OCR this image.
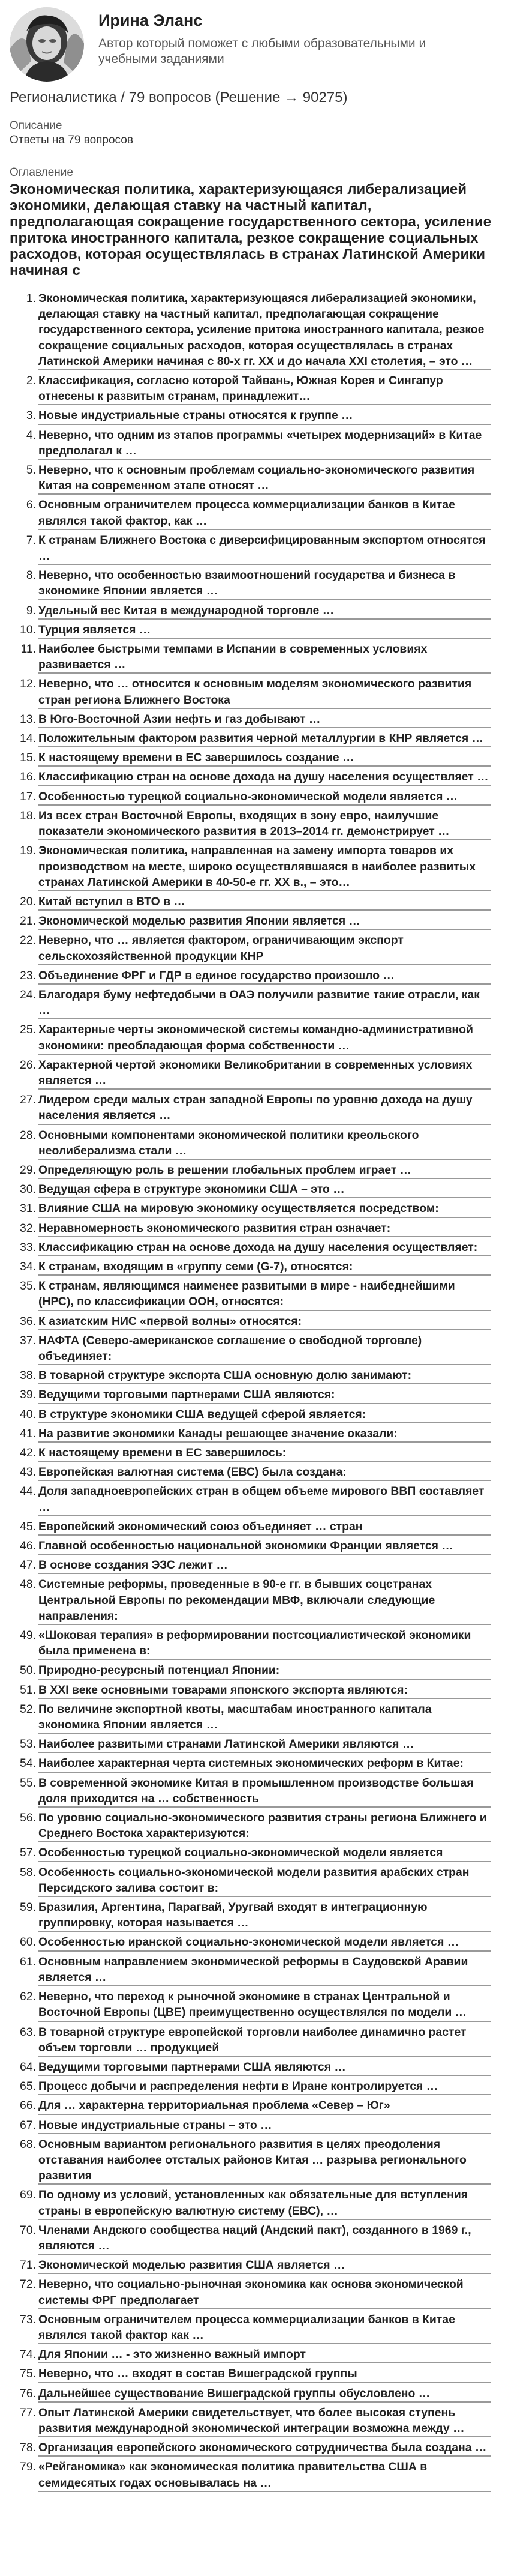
Ирина Эланс
Автор который поможет с любыми образовательными и учебными заданиями
Регионалистика / 79 вопросов (Решение → 90275)
Описание
Ответы на 79 вопросов
Оглавление
Экономическая политика, характеризующаяся либерализацией экономики, делающая ставку на частный капитал, предполагающая сокращение государственного сектора, усиление притока иностранного капитала, резкое сокращение социальных расходов, которая осуществлялась в странах Латинской Америки начиная с
1. Экономическая политика, характеризующаяся либерализацией экономики, делающая ставку на частный капитал, предполагающая сокращение государственного сектора, усиление притока иностранного капитала, резкое сокращение социальных расходов, которая осуществлялась в странах Латинской Америки начиная с 80-х гг. ХХ и до начала XXI столетия, – это …
2. Классификация, согласно которой Тайвань, Южная Корея и Сингапур отнесены к развитым странам, принадлежит…
3. Новые индустриальные страны относятся к группе …
4. Неверно, что одним из этапов программы «четырех модернизаций» в Китае предполагал к …
5. Неверно, что к основным проблемам социально-экономического развития Китая на современном этапе относят …
6. Основным ограничителем процесса коммерциализации банков в Китае являлся такой фактор, как …
7. К странам Ближнего Востока с диверсифицированным экспортом относятся …
8. Неверно, что особенностью взаимоотношений государства и бизнеса в экономике Японии является …
9. Удельный вес Китая в международной торговле …
10. Турция является …
11. Наиболее быстрыми темпами в Испании в современных условиях развивается …
12. Неверно, что … относится к основным моделям экономического развития стран региона Ближнего Востока
13. В Юго-Восточной Азии нефть и газ добывают …
14. Положительным фактором развития черной металлургии в КНР является …
15. К настоящему времени в ЕС завершилось создание …
16. Классификацию стран на основе дохода на душу населения осуществляет …
17. Особенностью турецкой социально-экономической модели является …
18. Из всех стран Восточной Европы, входящих в зону евро, наилучшие показатели экономического развития в 2013–2014 гг. демонстрирует …
19. Экономическая политика, направленная на замену импорта товаров их производством на месте, широко осуществлявшаяся в наиболее развитых странах Латинской Америки в 40-50-е гг. ХХ в., – это…
20. Китай вступил в ВТО в …
21. Экономической моделью развития Японии является …
22. Неверно, что … является фактором, ограничивающим экспорт сельскохозяйственной продукции КНР
23. Объединение ФРГ и ГДР в единое государство произошло …
24. Благодаря буму нефтедобычи в ОАЭ получили развитие такие отрасли, как …
25. Характерные черты экономической системы командно-административной экономики: преобладающая форма собственности …
26. Характерной чертой экономики Великобритании в современных условиях является …
27. Лидером среди малых стран западной Европы по уровню дохода на душу населения является …
28. Основными компонентами экономической политики креольского неолиберализма стали …
29. Определяющую роль в решении глобальных проблем играет …
30. Ведущая сфера в структуре экономики США – это …
31. Влияние США на мировую экономику осуществляется посредством:
32. Неравномерность экономического развития стран означает:
33. Классификацию стран на основе дохода на душу населения осуществляет:
34. К странам, входящим в «группу семи (G-7), относятся:
35. К странам, являющимся наименее развитыми в мире - наибеднейшими (НРС), по классификации ООН, относятся:
36. К азиатским НИС «первой волны» относятся:
37. НАФТА (Северо-американское соглашение о свободной торговле) объединяет:
38. В товарной структуре экспорта США основную долю занимают:
39. Ведущими торговыми партнерами США являются:
40. В структуре экономики США ведущей сферой является:
41. На развитие экономики Канады решающее значение оказали:
42. К настоящему времени в ЕС завершилось:
43. Европейская валютная система (ЕВС) была создана:
44. Доля западноевропейских стран в общем объеме мирового ВВП составляет …
45. Европейский экономический союз объединяет … стран
46. Главной особенностью национальной экономики Франции является …
47. В основе создания ЭЗС лежит …
48. Системные реформы, проведенные в 90-е гг. в бывших соцстранах Центральной Европы по рекомендации МВФ, включали следующие направления:
49. «Шоковая терапия» в реформировании постсоциалистической экономики была применена в:
50. Природно-ресурсный потенциал Японии:
51. В XXI веке основными товарами японского экспорта являются:
52. По величине экспортной квоты, масштабам иностранного капитала экономика Японии является …
53. Наиболее развитыми странами Латинской Америки являются …
54. Наиболее характерная черта системных экономических реформ в Китае:
55. В современной экономике Китая в промышленном производстве большая доля приходится на … собственность
56. По уровню социально-экономического развития страны региона Ближнего и Среднего Востока характеризуются:
57. Особенностью турецкой социально-экономической модели является
58. Особенность социально-экономической модели развития арабских стран Персидского залива состоит в:
59. Бразилия, Аргентина, Парагвай, Уругвай входят в интеграционную группировку, которая называется …
60. Особенностью иранской социально-экономической модели является …
61. Основным направлением экономической реформы в Саудовской Аравии является …
62. Неверно, что переход к рыночной экономике в странах Центральной и Восточной Европы (ЦВЕ) преимущественно осуществлялся по модели …
63. В товарной структуре европейской торговли наиболее динамично растет объем торговли … продукцией
64. Ведущими торговыми партнерами США являются …
65. Процесс добычи и распределения нефти в Иране контролируется …
66. Для … характерна территориальная проблема «Север – Юг»
67. Новые индустриальные страны – это …
68. Основным вариантом регионального развития в целях преодоления отставания наиболее отсталых районов Китая … разрыва регионального развития
69. По одному из условий, установленных как обязательные для вступления страны в европейскую валютную систему (ЕВС), …
70. Членами Андского сообщества наций (Андский пакт), созданного в 1969 г., являются …
71. Экономической моделью развития США является …
72. Неверно, что социально-рыночная экономика как основа экономической системы ФРГ предполагает
73. Основным ограничителем процесса коммерциализации банков в Китае являлся такой фактор как …
74. Для Японии … - это жизненно важный импорт
75. Неверно, что … входят в состав Вишеградской группы
76. Дальнейшее существование Вишеградской группы обусловлено …
77. Опыт Латинской Америки свидетельствует, что более высокая ступень развития международной экономической интеграции возможна между …
78. Организация европейского экономического сотрудничества была создана …
79. «Рейганомика» как экономическая политика правительства США в семидесятых годах основывалась на …
